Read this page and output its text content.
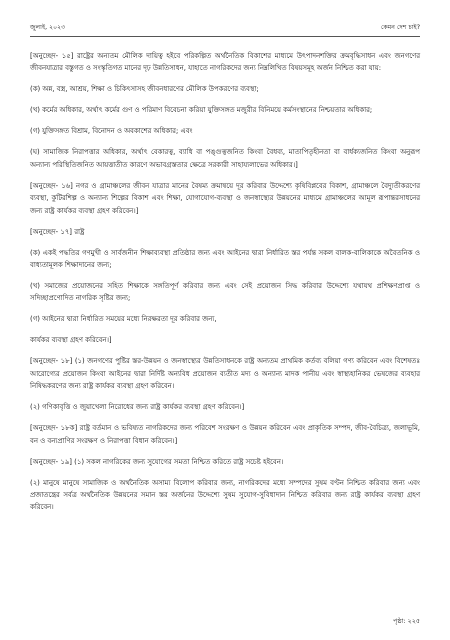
জুলাই, ২০২৩	কেমন দেশ চাই?

[অনুচ্ছেদ- ১৫] রাষ্ট্রের অন্যতম মৌলিক দায়িত্ব হইবে পরিকল্পিত অর্থনৈতিক বিকাশের মাধ্যমে উৎপাদনশক্তির ক্রমবৃদ্ধিসাধন এবং জনগণের জীবনযাত্রার বস্তুগত ও সংস্কৃতিগত মানের দৃঢ় উন্নতিসাধন, যাহাতে নাগরিকদের জন্য নিম্নলিখিত বিষয়সমূহ অর্জন নিশ্চিত করা যায়:

(ক) অন্ন, বস্ত্র, আশ্রয়, শিক্ষা ও চিকিৎসাসহ জীবনধারণের মৌলিক উপকরণের ব্যবস্থা;

(খ) কর্মের অধিকার, অর্থাৎ কর্মের গুণ ও পরিমাণ বিবেচনা করিয়া যুক্তিসঙ্গত মজুরীর বিনিময়ে কর্মসংস্থানের নিশ্চয়তার অধিকার;

(গ) যুক্তিসঙ্গত বিশ্রাম, বিনোদন ও অবকাশের অধিকার; এবং

(ঘ) সামাজিক নিরাপত্তার অধিকার, অর্থাৎ বেকারত্ব, ব্যাধি বা পঙ্গুত্বজনিত কিংবা বৈধব্য, মাতাপিতৃহীনতা বা বার্ধক্যজনিত কিংবা অনুরূপ অন্যান্য পরিস্থিতিজনিত আয়ত্তাতীত কারণে অভাবগ্রস্ততার ক্ষেত্রে সরকারী সাহায্যলাভের অধিকার।]

[অনুচ্ছেদ- ১৬] নগর ও গ্রামাঞ্চলের জীবন যাত্রার মানের বৈষম্য ক্রমান্বয়ে দূর করিবার উদ্দেশ্যে কৃষিবিপ্লবের বিকাশ, গ্রামাঞ্চলে বৈদ্যুতীকরণের ব্যবস্থা, কুটিরশিল্প ও অন্যান্য শিল্পের বিকাশ এবং শিক্ষা, যোগাযোগ-ব্যবস্থা ও জনস্বাস্থ্যের উন্নয়নের মাধ্যমে গ্রামাঞ্চলের আমূল রূপান্তরসাধনের জন্য রাষ্ট্র কার্যকর ব্যবস্থা গ্রহণ করিবেন।]

[অনুচ্ছেদ- ১৭] রাষ্ট্র

(ক) একই পদ্ধতির গণমুখী ও সার্বজনীন শিক্ষাব্যবস্থা প্রতিষ্ঠার জন্য এবং আইনের দ্বারা নির্ধারিত স্তর পর্যন্ত সকল বালক-বালিকাকে অবৈতনিক ও বাধ্যতামূলক শিক্ষাদানের জন্য;

(খ) সমাজের প্রয়োজনের সহিত শিক্ষাকে সঙ্গতিপূর্ণ করিবার জন্য এবং সেই প্রয়োজন সিদ্ধ করিবার উদ্দেশ্যে যথাযথ প্রশিক্ষণপ্রাপ্ত ও সদিচ্ছাপ্রণোদিত নাগরিক সৃষ্টির জন্য;

(গ) আইনের দ্বারা নির্ধারিত সময়ের মধ্যে নিরক্ষরতা দূর করিবার জন্য,

কার্যকর ব্যবস্থা গ্রহণ করিবেন।]

[অনুচ্ছেদ- ১৮] (১) জনগণের পুষ্টির স্তর-উন্নয়ন ও জনস্বাস্থ্যের উন্নতিসাধনকে রাষ্ট্র অন্যতম প্রাথমিক কর্তব্য বলিয়া গণ্য করিবেন এবং বিশেষতঃ আরোগ্যের প্রয়োজন কিংবা আইনের দ্বারা নির্দিষ্ট অন্যবিধ প্রয়োজন ব্যতীত মদ্য ও অন্যান্য মাদক পানীয় এবং স্বাস্থ্যহানিকর ভেষজের ব্যবহার নিষিদ্ধকরণের জন্য রাষ্ট্র কার্যকর ব্যবস্থা গ্রহণ করিবেন।

(২) গণিকাবৃত্তি ও জুয়াখেলা নিরোধের জন্য রাষ্ট্র কার্যকর ব্যবস্থা গ্রহণ করিবেন।]

[অনুচ্ছেদ- ১৮ক] রাষ্ট্র বর্তমান ও ভবিষ্যত নাগরিকদের জন্য পরিবেশ সংরক্ষণ ও উন্নয়ন করিবেন এবং প্রাকৃতিক সম্পদ, জীব-বৈচিত্র্য, জলাভূমি, বন ও বন্যপ্রাণির সংরক্ষণ ও নিরাপত্তা বিধান করিবেন।]

[অনুচ্ছেদ- ১৯] (১) সকল নাগরিকের জন্য সুযোগের সমতা নিশ্চিত করিতে রাষ্ট্র সচেষ্ট হইবেন।

(২) মানুষে মানুষে সামাজিক ও অর্থনৈতিক অসাম্য বিলোপ করিবার জন্য, নাগরিকদের মধ্যে সম্পদের সুষম বণ্টন নিশ্চিত করিবার জন্য এবং প্রজাতন্ত্রের সর্বত্র অর্থনৈতিক উন্নয়নের সমান স্তর অর্জনের উদ্দেশ্যে সুষম সুযোগ-সুবিধাদান নিশ্চিত করিবার জন্য রাষ্ট্র কার্যকর ব্যবস্থা গ্রহণ করিবেন।

পৃষ্ঠা: ২২৫
